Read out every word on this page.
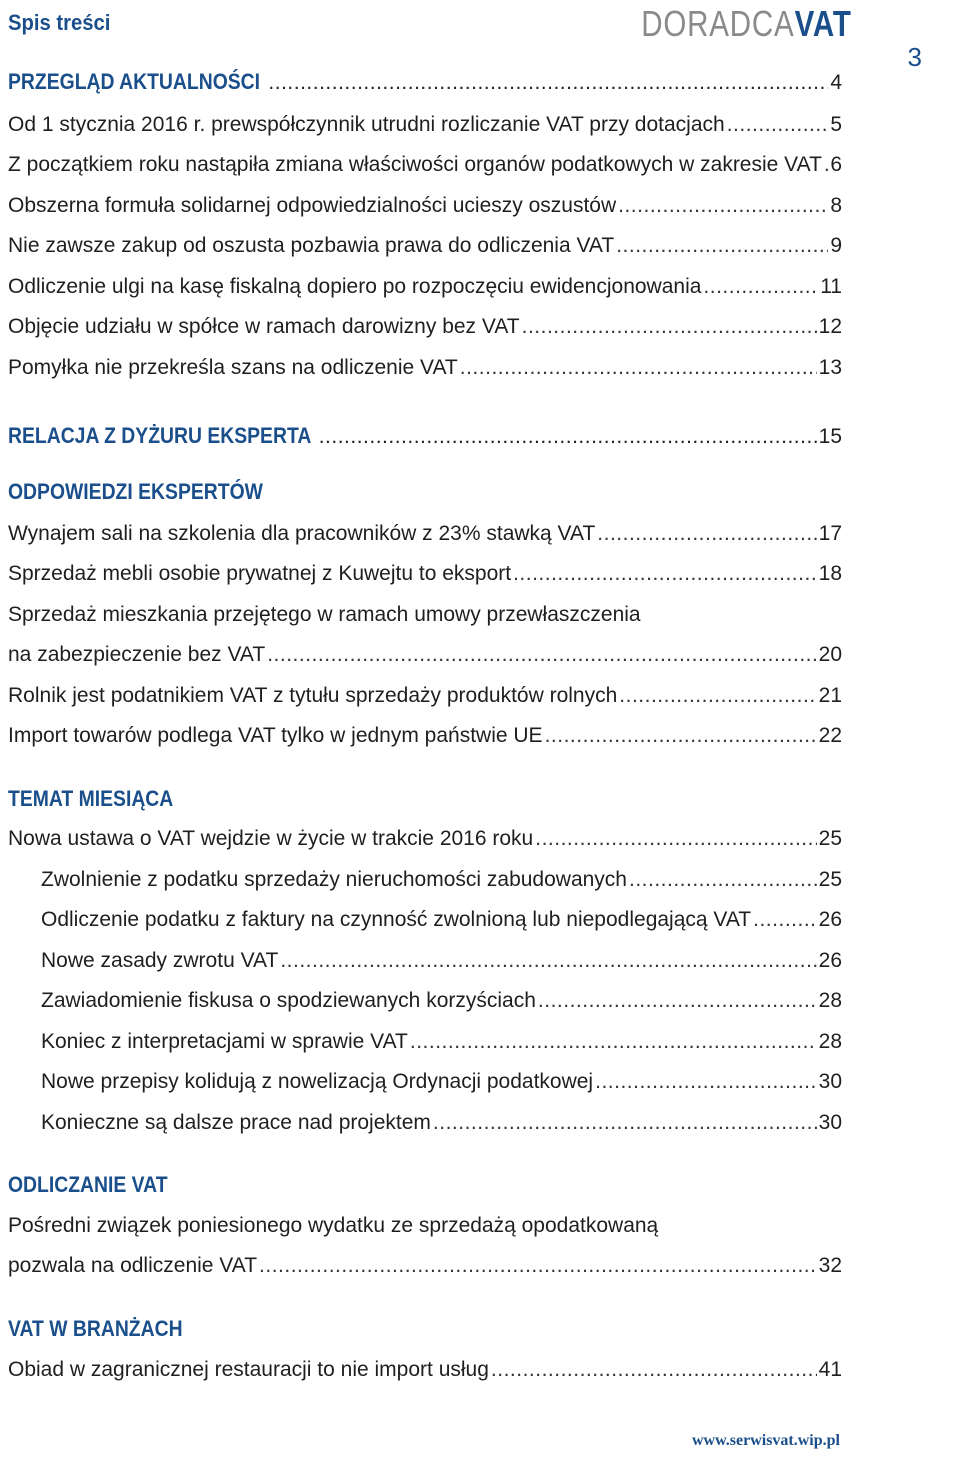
Spis treści	DORADCAVAT
3
PRZEGLĄD AKTUALNOŚCI .....	4
Od 1 stycznia 2016 r. prewspółczynnik utrudni rozliczanie VAT przy dotacjach .....	5
Z początkiem roku nastąpiła zmiana właściwości organów podatkowych w zakresie VAT ..... 6
Obszerna formuła solidarnej odpowiedzialności ucieszy oszustów .....	8
Nie zawsze zakup od oszusta pozbawia prawa do odliczenia VAT .....	9
Odliczenie ulgi na kasę fiskalną dopiero po rozpoczęciu ewidencjonowania .....	11
Objęcie udziału w spółce w ramach darowizny bez VAT .....	12
Pomyłka nie przekreśla szans na odliczenie VAT .....	13
RELACJA Z DYŻURU EKSPERTA .....	15
ODPOWIEDZI EKSPERTÓW
Wynajem sali na szkolenia dla pracowników z 23% stawką VAT .....	17
Sprzedaż mebli osobie prywatnej z Kuwejtu to eksport .....	18
Sprzedaż mieszkania przejętego w ramach umowy przewłaszczenia
na zabezpieczenie bez VAT .....	20
Rolnik jest podatnikiem VAT z tytułu sprzedaży produktów rolnych .....	21
Import towarów podlega VAT tylko w jednym państwie UE .....	22
TEMAT MIESIĄCA
Nowa ustawa o VAT wejdzie w życie w trakcie 2016 roku .....	25
Zwolnienie z podatku sprzedaży nieruchomości zabudowanych .....	25
Odliczenie podatku z faktury na czynność zwolnioną lub niepodlegającą VAT .....	26
Nowe zasady zwrotu VAT .....	26
Zawiadomienie fiskusa o spodziewanych korzyściach .....	28
Koniec z interpretacjami w sprawie VAT .....	28
Nowe przepisy kolidują z nowelizacją Ordynacji podatkowej .....	30
Konieczne są dalsze prace nad projektem .....	30
ODLICZANIE VAT
Pośredni związek poniesionego wydatku ze sprzedażą opodatkowaną
pozwala na odliczenie VAT .....	32
VAT W BRANŻACH
Obiad w zagranicznej restauracji to nie import usług .....	41
www.serwisvat.wip.pl
